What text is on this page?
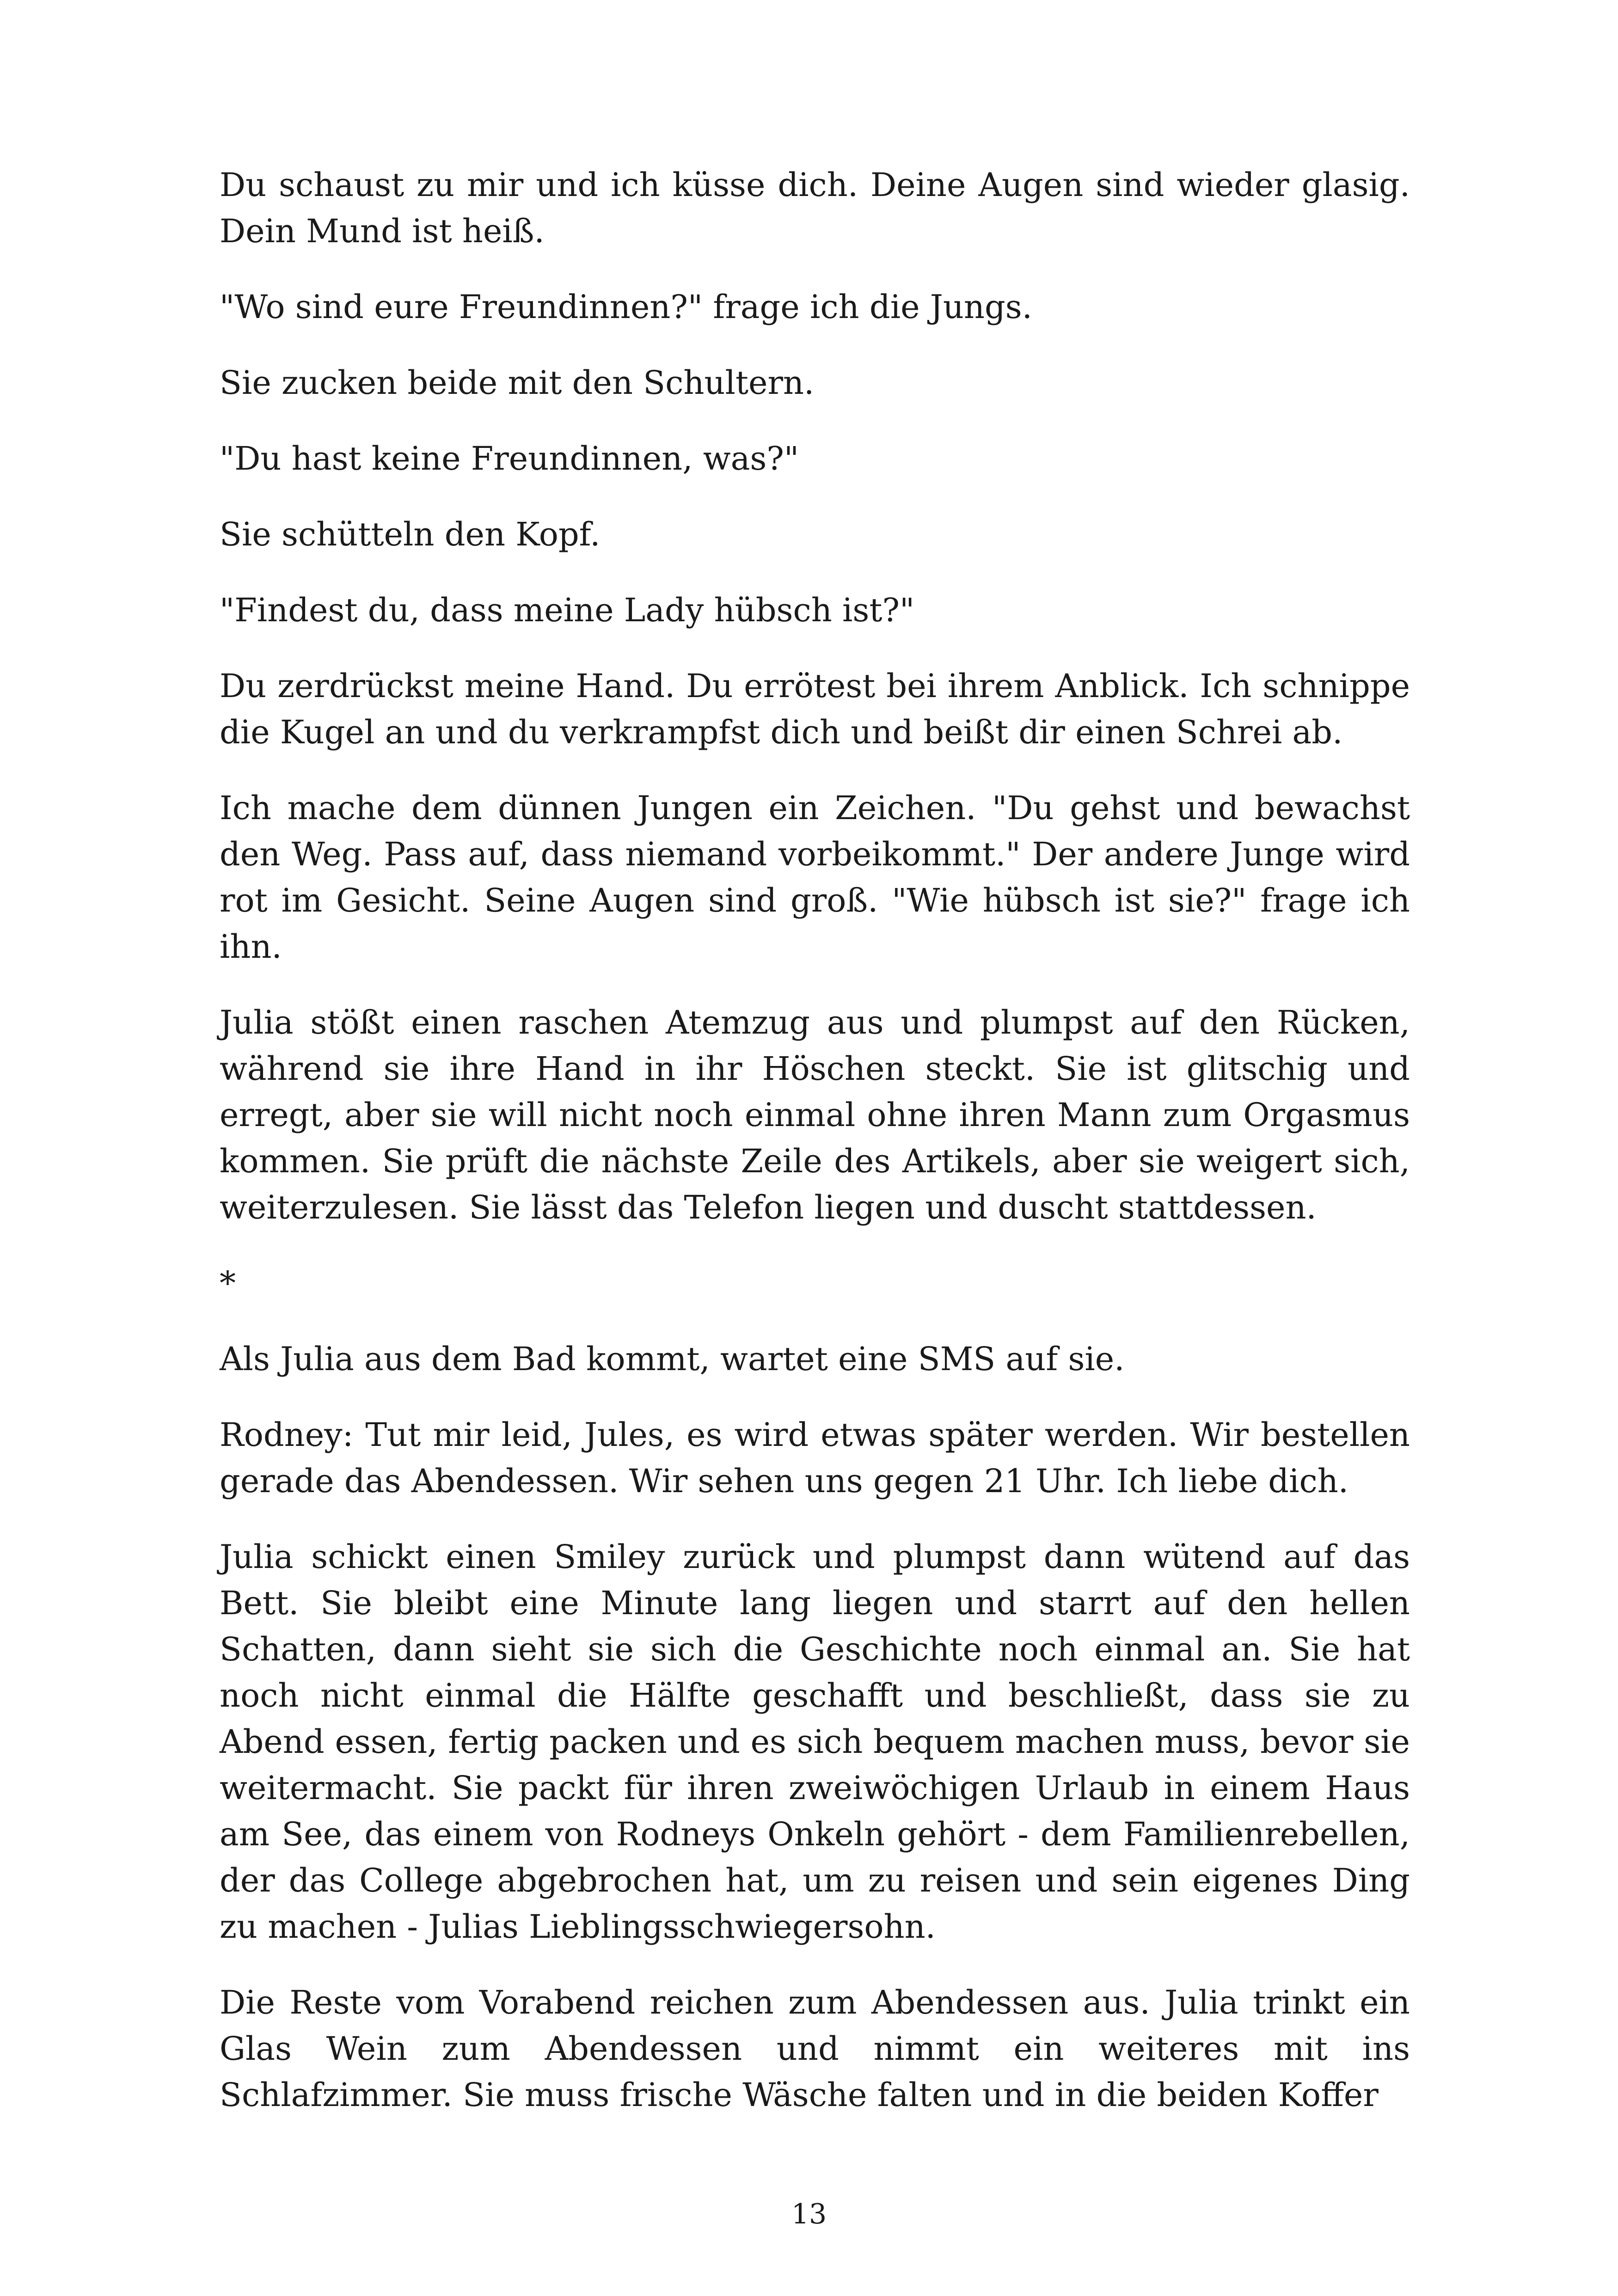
Du schaust zu mir und ich küsse dich. Deine Augen sind wieder glasig. Dein Mund ist heiß.

"Wo sind eure Freundinnen?" frage ich die Jungs.

Sie zucken beide mit den Schultern.

"Du hast keine Freundinnen, was?"

Sie schütteln den Kopf.

"Findest du, dass meine Lady hübsch ist?"

Du zerdrückst meine Hand. Du errötest bei ihrem Anblick. Ich schnippe die Kugel an und du verkrampfst dich und beißt dir einen Schrei ab.

Ich mache dem dünnen Jungen ein Zeichen. "Du gehst und bewachst den Weg. Pass auf, dass niemand vorbeikommt." Der andere Junge wird rot im Gesicht. Seine Augen sind groß. "Wie hübsch ist sie?" frage ich ihn.

Julia stößt einen raschen Atemzug aus und plumpst auf den Rücken, während sie ihre Hand in ihr Höschen steckt. Sie ist glitschig und erregt, aber sie will nicht noch einmal ohne ihren Mann zum Orgasmus kommen. Sie prüft die nächste Zeile des Artikels, aber sie weigert sich, weiterzulesen. Sie lässt das Telefon liegen und duscht stattdessen.

*

Als Julia aus dem Bad kommt, wartet eine SMS auf sie.

Rodney: Tut mir leid, Jules, es wird etwas später werden. Wir bestellen gerade das Abendessen. Wir sehen uns gegen 21 Uhr. Ich liebe dich.

Julia schickt einen Smiley zurück und plumpst dann wütend auf das Bett. Sie bleibt eine Minute lang liegen und starrt auf den hellen Schatten, dann sieht sie sich die Geschichte noch einmal an. Sie hat noch nicht einmal die Hälfte geschafft und beschließt, dass sie zu Abend essen, fertig packen und es sich bequem machen muss, bevor sie weitermacht. Sie packt für ihren zweiwöchigen Urlaub in einem Haus am See, das einem von Rodneys Onkeln gehört - dem Familienrebellen, der das College abgebrochen hat, um zu reisen und sein eigenes Ding zu machen - Julias Lieblingsschwiegersohn.

Die Reste vom Vorabend reichen zum Abendessen aus. Julia trinkt ein Glas Wein zum Abendessen und nimmt ein weiteres mit ins Schlafzimmer. Sie muss frische Wäsche falten und in die beiden Koffer

13
